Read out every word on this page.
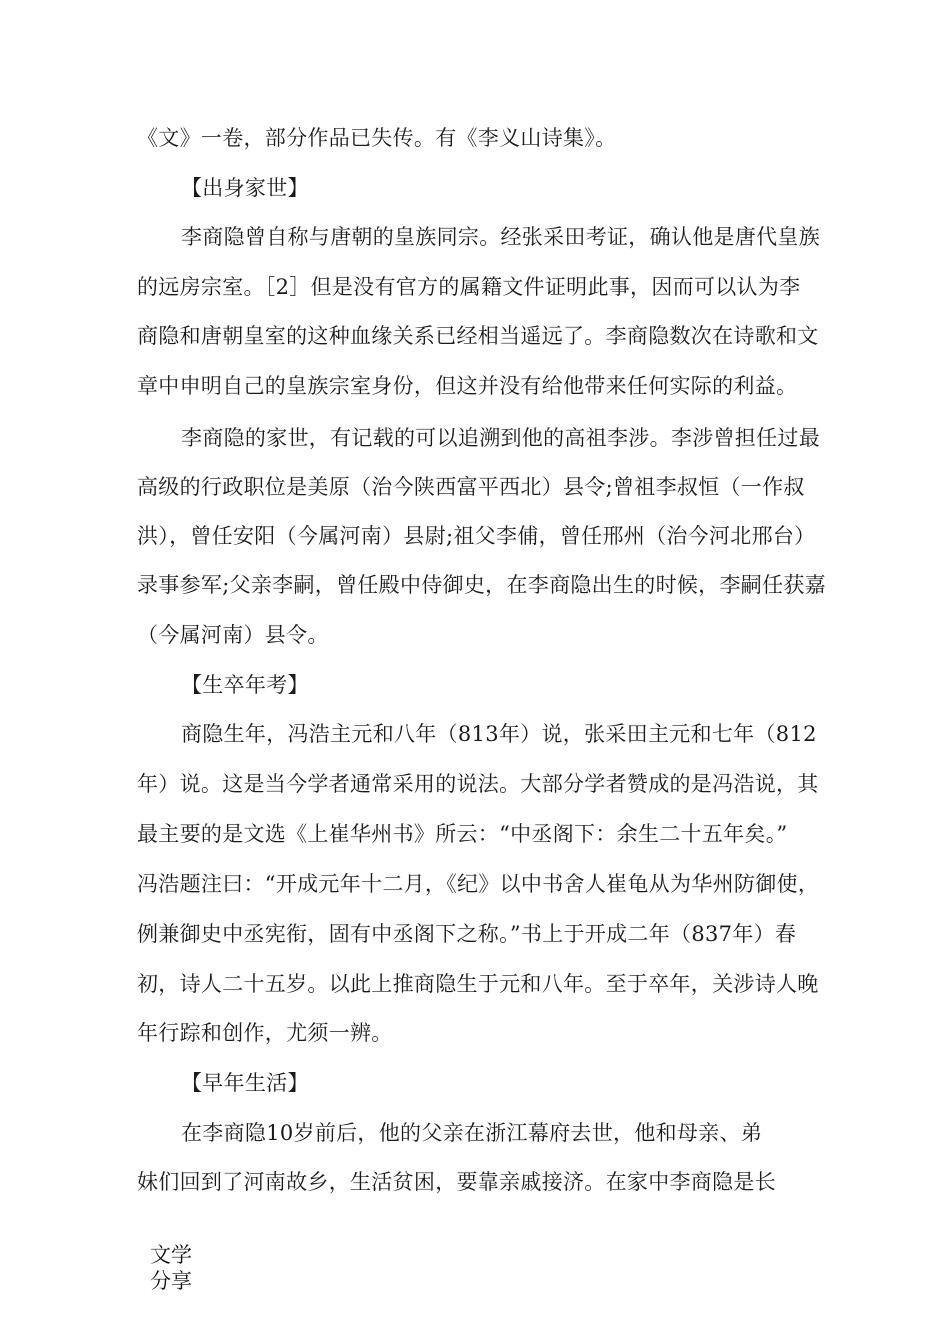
《文》一卷，部分作品已失传。有《李义山诗集》。
【出身家世】
李商隐曾自称与唐朝的皇族同宗。经张采田考证，确认他是唐代皇族
的远房宗室。［2］但是没有官方的属籍文件证明此事，因而可以认为李
商隐和唐朝皇室的这种血缘关系已经相当遥远了。李商隐数次在诗歌和文
章中申明自己的皇族宗室身份，但这并没有给他带来任何实际的利益。
李商隐的家世，有记载的可以追溯到他的高祖李涉。李涉曾担任过最
高级的行政职位是美原（治今陕西富平西北）县令;曾祖李叔恒（一作叔
洪），曾任安阳（今属河南）县尉;祖父李俌，曾任邢州（治今河北邢台）
录事参军;父亲李嗣，曾任殿中侍御史，在李商隐出生的时候，李嗣任获嘉
（今属河南）县令。
【生卒年考】
商隐生年，冯浩主元和八年（813年）说，张采田主元和七年（812
年）说。这是当今学者通常采用的说法。大部分学者赞成的是冯浩说，其
最主要的是文选《上崔华州书》所云：“中丞阁下：余生二十五年矣。”
冯浩题注曰：“开成元年十二月，《纪》以中书舍人崔龟从为华州防御使，
例兼御史中丞宪衔，固有中丞阁下之称。”书上于开成二年（837年）春
初，诗人二十五岁。以此上推商隐生于元和八年。至于卒年，关涉诗人晚
年行踪和创作，尤须一辨。
【早年生活】
在李商隐10岁前后，他的父亲在浙江幕府去世，他和母亲、弟
妹们回到了河南故乡，生活贫困，要靠亲戚接济。在家中李商隐是长
文学
分享
